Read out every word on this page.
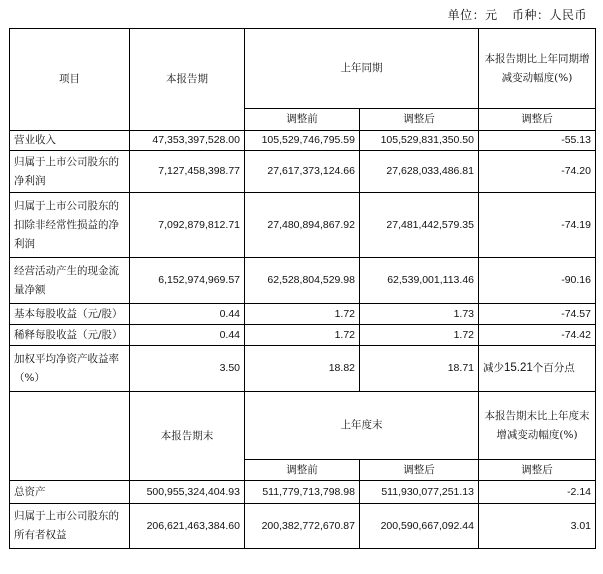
单位：元 币种：人民币
项目	本报告期	上年同期		本报告期比上年同期增减变动幅度(%)
		调整前	调整后	调整后
营业收入	47,353,397,528.00	105,529,746,795.59	105,529,831,350.50	-55.13
归属于上市公司股东的净利润	7,127,458,398.77	27,617,373,124.66	27,628,033,486.81	-74.20
归属于上市公司股东的扣除非经常性损益的净利润	7,092,879,812.71	27,480,894,867.92	27,481,442,579.35	-74.19
经营活动产生的现金流量净额	6,152,974,969.57	62,528,804,529.98	62,539,001,113.46	-90.16
基本每股收益（元/股）	0.44	1.72	1.73	-74.57
稀释每股收益（元/股）	0.44	1.72	1.72	-74.42
加权平均净资产收益率（%）	3.50	18.82	18.71	减少15.21个百分点
	本报告期末	上年度末		本报告期末比上年度末增减变动幅度(%)
		调整前	调整后	调整后
总资产	500,955,324,404.93	511,779,713,798.98	511,930,077,251.13	-2.14
归属于上市公司股东的所有者权益	206,621,463,384.60	200,382,772,670.87	200,590,667,092.44	3.01
